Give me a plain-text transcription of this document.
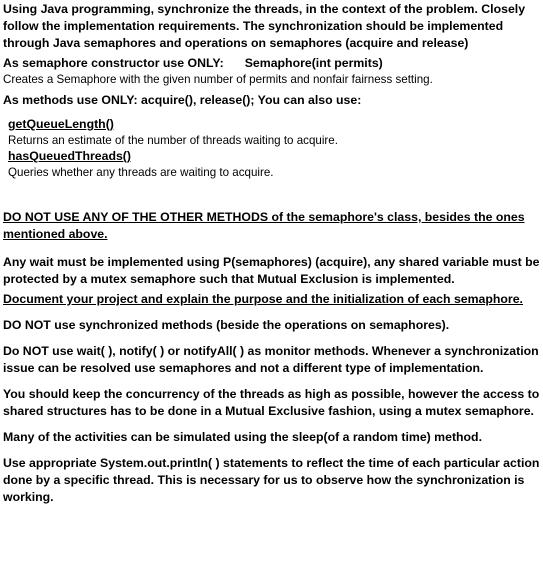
Using Java programming, synchronize the threads, in the context of the problem. Closely follow the implementation requirements. The synchronization should be implemented through Java semaphores and operations on semaphores (acquire and release)

As semaphore constructor use ONLY: Semaphore(int permits)

Creates a Semaphore with the given number of permits and nonfair fairness setting.

As methods use ONLY: acquire(), release(); You can also use:

getQueueLength()

Returns an estimate of the number of threads waiting to acquire.

hasQueuedThreads()

Queries whether any threads are waiting to acquire.

DO NOT USE ANY OF THE OTHER METHODS of the semaphore's class, besides the ones mentioned above.

Any wait must be implemented using P(semaphores) (acquire), any shared variable must be protected by a mutex semaphore such that Mutual Exclusion is implemented.

Document your project and explain the purpose and the initialization of each semaphore.

DO NOT use synchronized methods (beside the operations on semaphores).

Do NOT use wait( ), notify( ) or notifyAll( ) as monitor methods. Whenever a synchronization issue can be resolved use semaphores and not a different type of implementation.

You should keep the concurrency of the threads as high as possible, however the access to shared structures has to be done in a Mutual Exclusive fashion, using a mutex semaphore.

Many of the activities can be simulated using the sleep(of a random time) method.

Use appropriate System.out.println( ) statements to reflect the time of each particular action done by a specific thread. This is necessary for us to observe how the synchronization is working.
